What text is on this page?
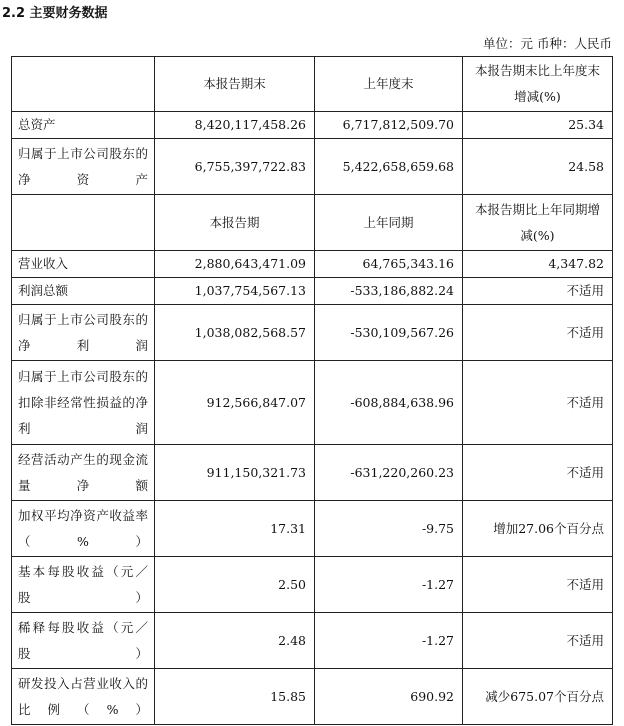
2.2 主要财务数据
单位：元 币种：人民币
	本报告期末	上年度末	本报告期末比上年度末增减(%)
总资产	8,420,117,458.26	6,717,812,509.70	25.34
归属于上市公司股东的净资产	6,755,397,722.83	5,422,658,659.68	24.58
	本报告期	上年同期	本报告期比上年同期增减(%)
营业收入	2,880,643,471.09	64,765,343.16	4,347.82
利润总额	1,037,754,567.13	-533,186,882.24	不适用
归属于上市公司股东的净利润	1,038,082,568.57	-530,109,567.26	不适用
归属于上市公司股东的扣除非经常性损益的净利润	912,566,847.07	-608,884,638.96	不适用
经营活动产生的现金流量净额	911,150,321.73	-631,220,260.23	不适用
加权平均净资产收益率（%）	17.31	-9.75	增加27.06个百分点
基本每股收益（元／股）	2.50	-1.27	不适用
稀释每股收益（元／股）	2.48	-1.27	不适用
研发投入占营业收入的比例（%）	15.85	690.92	减少675.07个百分点
